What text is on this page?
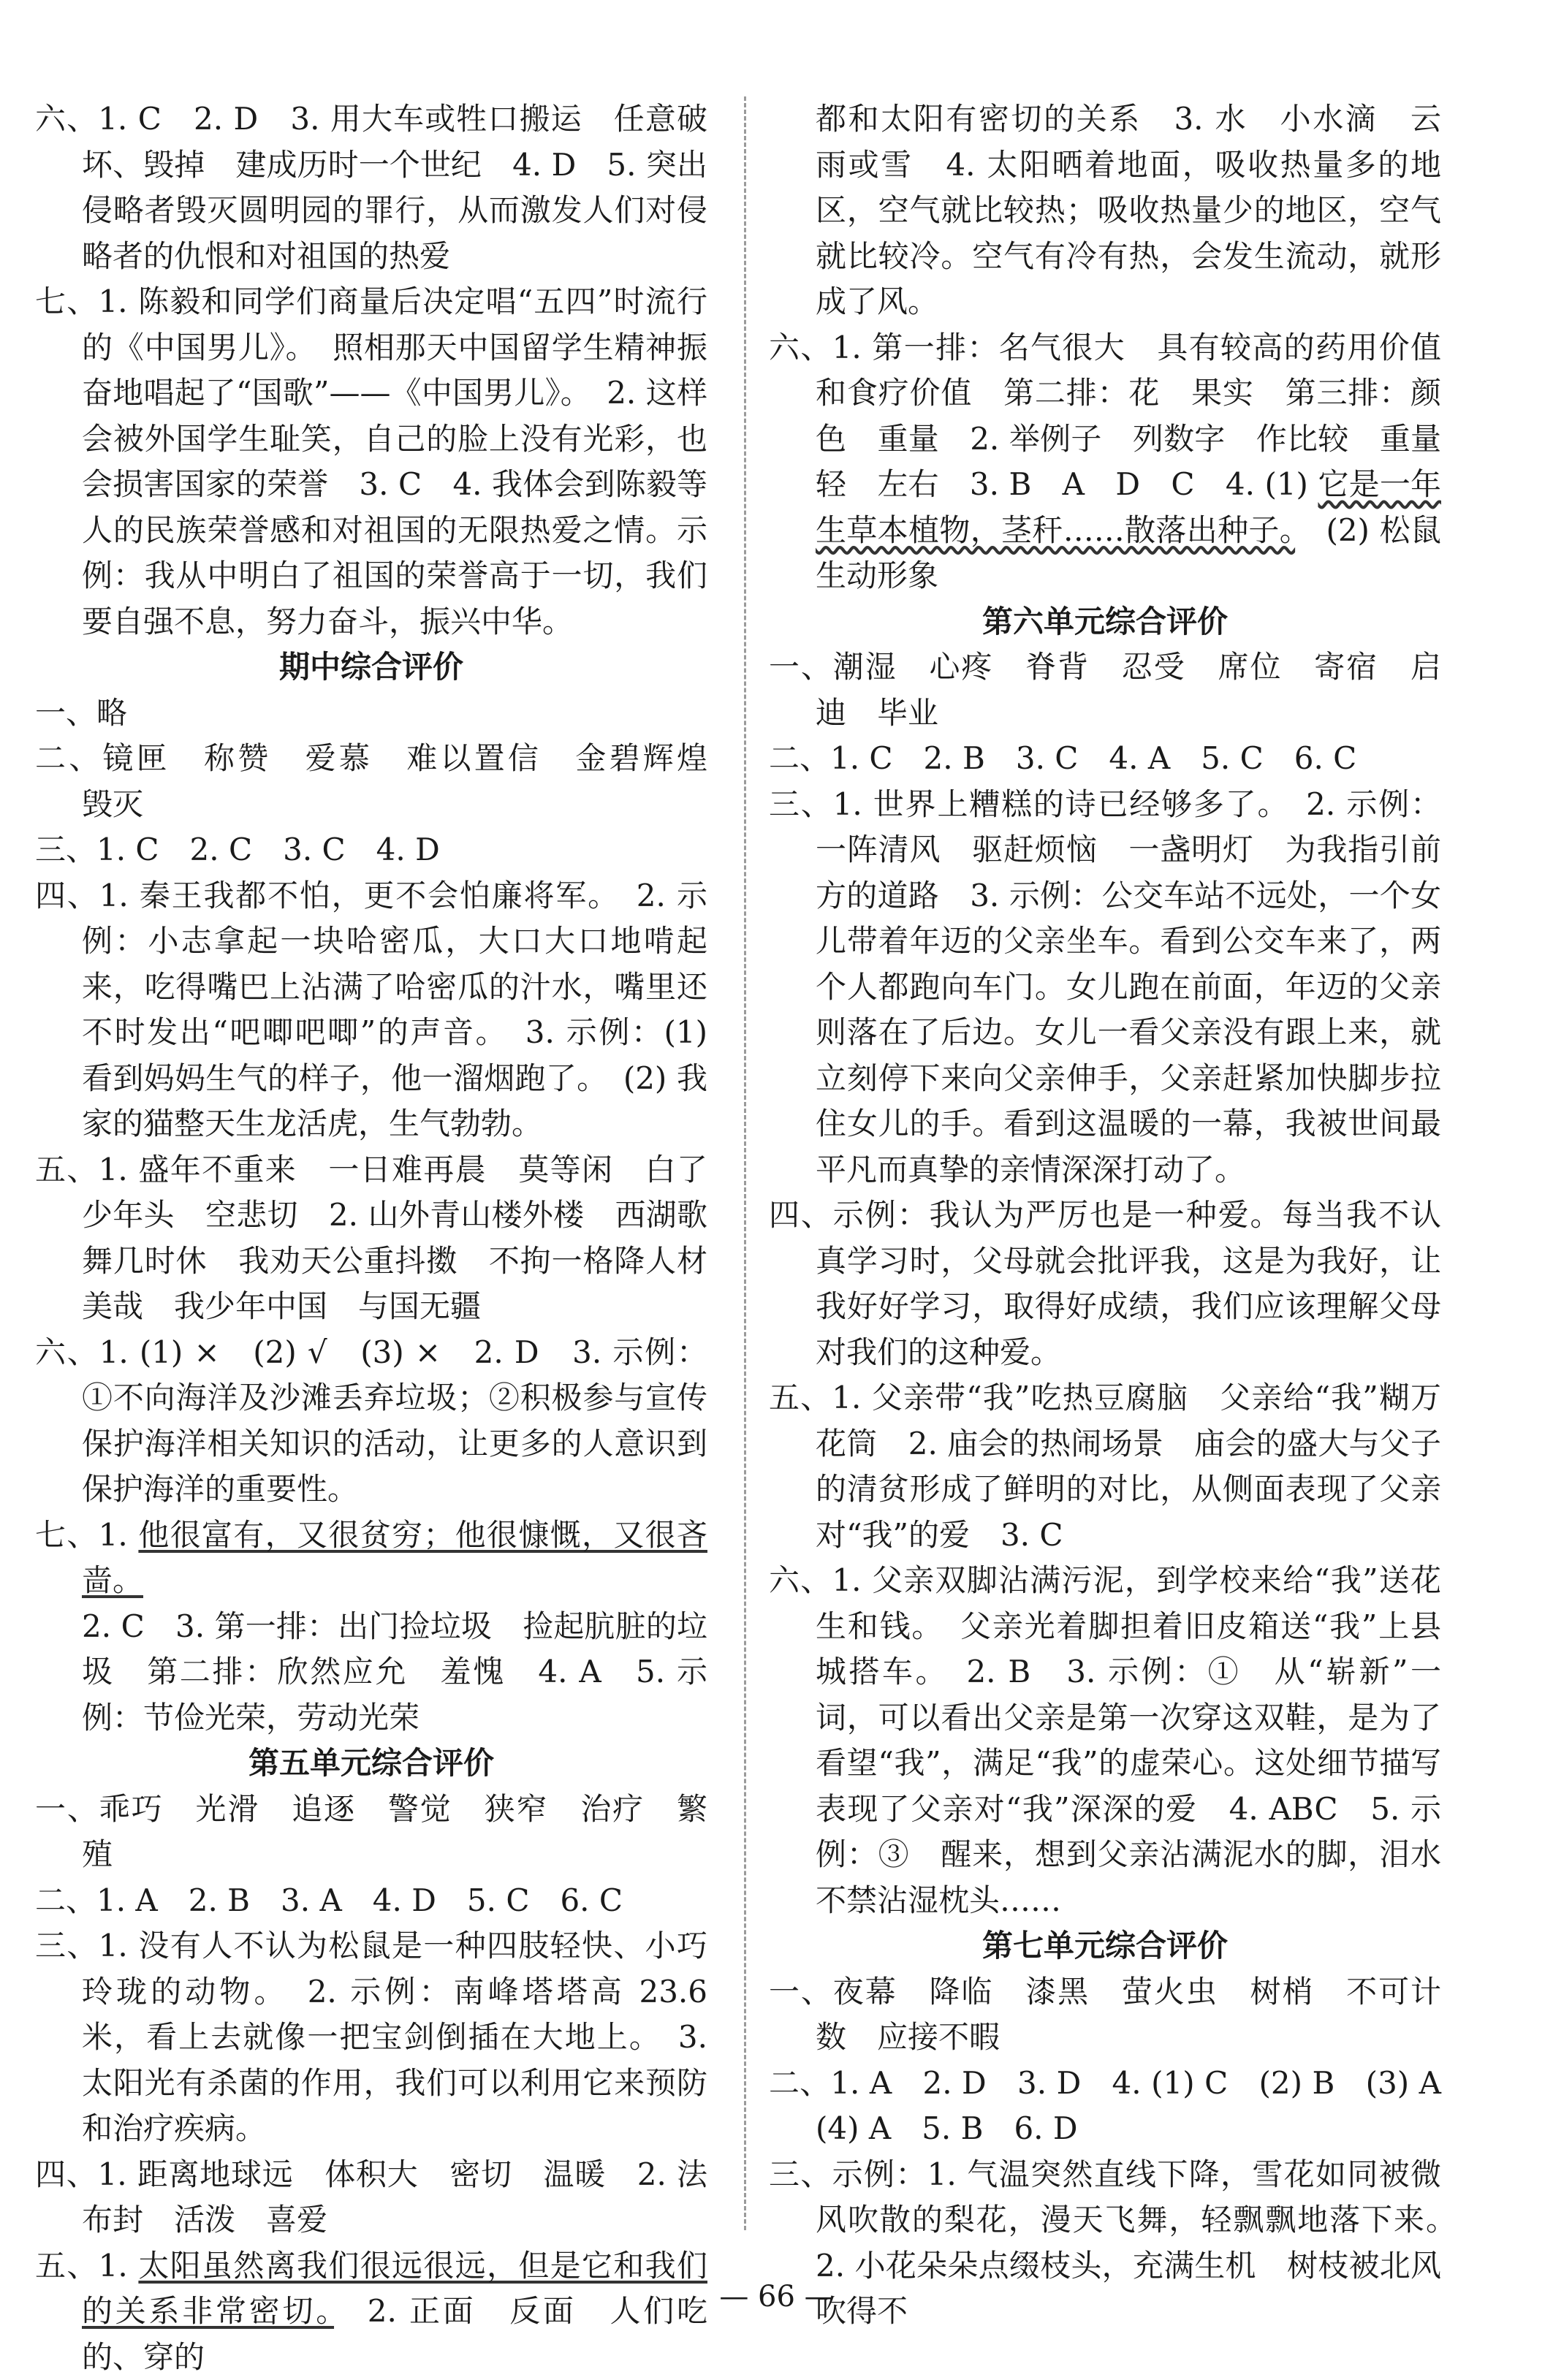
六、1. C　2. D　3. 用大车或牲口搬运　任意破坏、毁掉　建成历时一个世纪　4. D　5. 突出侵略者毁灭圆明园的罪行，从而激发人们对侵略者的仇恨和对祖国的热爱

七、1. 陈毅和同学们商量后决定唱“五四”时流行的《中国男儿》。　照相那天中国留学生精神振奋地唱起了“国歌”——《中国男儿》。　2. 这样会被外国学生耻笑，自己的脸上没有光彩，也会损害国家的荣誉　3. C　4. 我体会到陈毅等人的民族荣誉感和对祖国的无限热爱之情。示例：我从中明白了祖国的荣誉高于一切，我们要自强不息，努力奋斗，振兴中华。

期中综合评价

一、略

二、镜匣　称赞　爱慕　难以置信　金碧辉煌　毁灭

三、1. C　2. C　3. C　4. D

四、1. 秦王我都不怕，更不会怕廉将军。　2. 示例：小志拿起一块哈密瓜，大口大口地啃起来，吃得嘴巴上沾满了哈密瓜的汁水，嘴里还不时发出“吧唧吧唧”的声音。　3. 示例：(1) 看到妈妈生气的样子，他一溜烟跑了。　(2) 我家的猫整天生龙活虎，生气勃勃。

五、1. 盛年不重来　一日难再晨　莫等闲　白了少年头　空悲切　2. 山外青山楼外楼　西湖歌舞几时休　我劝天公重抖擞　不拘一格降人材　美哉　我少年中国　与国无疆

六、1. (1) ×　(2) √　(3) ×　2. D　3. 示例：①不向海洋及沙滩丢弃垃圾；②积极参与宣传保护海洋相关知识的活动，让更多的人意识到保护海洋的重要性。

七、1. 他很富有，又很贫穷；他很慷慨，又很吝啬。

2. C　3. 第一排：出门捡垃圾　捡起肮脏的垃圾　第二排：欣然应允　羞愧　4. A　5. 示例：节俭光荣，劳动光荣

第五单元综合评价

一、乖巧　光滑　追逐　警觉　狭窄　治疗　繁殖

二、1. A　2. B　3. A　4. D　5. C　6. C

三、1. 没有人不认为松鼠是一种四肢轻快、小巧玲珑的动物。　2. 示例：南峰塔塔高 23.6 米，看上去就像一把宝剑倒插在大地上。　3. 太阳光有杀菌的作用，我们可以利用它来预防和治疗疾病。

四、1. 距离地球远　体积大　密切　温暖　2. 法布封　活泼　喜爱

五、1. 太阳虽然离我们很远很远，但是它和我们的关系非常密切。　2. 正面　反面　人们吃的、穿的

都和太阳有密切的关系　3. 水　小水滴　云　雨或雪　4. 太阳晒着地面，吸收热量多的地区，空气就比较热；吸收热量少的地区，空气就比较冷。空气有冷有热，会发生流动，就形成了风。

六、1. 第一排：名气很大　具有较高的药用价值和食疗价值　第二排：花　果实　第三排：颜色　重量　2. 举例子　列数字　作比较　重量轻　左右　3. B　A　D　C　4. (1) 它是一年生草本植物，茎秆……散落出种子。　(2) 松鼠　生动形象

第六单元综合评价

一、潮湿　心疼　脊背　忍受　席位　寄宿　启迪　毕业

二、1. C　2. B　3. C　4. A　5. C　6. C

三、1. 世界上糟糕的诗已经够多了。　2. 示例：一阵清风　驱赶烦恼　一盏明灯　为我指引前方的道路　3. 示例：公交车站不远处，一个女儿带着年迈的父亲坐车。看到公交车来了，两个人都跑向车门。女儿跑在前面，年迈的父亲则落在了后边。女儿一看父亲没有跟上来，就立刻停下来向父亲伸手，父亲赶紧加快脚步拉住女儿的手。看到这温暖的一幕，我被世间最平凡而真挚的亲情深深打动了。

四、示例：我认为严厉也是一种爱。每当我不认真学习时，父母就会批评我，这是为我好，让我好好学习，取得好成绩，我们应该理解父母对我们的这种爱。

五、1. 父亲带“我”吃热豆腐脑　父亲给“我”糊万花筒　2. 庙会的热闹场景　庙会的盛大与父子的清贫形成了鲜明的对比，从侧面表现了父亲对“我”的爱　3. C

六、1. 父亲双脚沾满污泥，到学校来给“我”送花生和钱。　父亲光着脚担着旧皮箱送“我”上县城搭车。　2. B　3. 示例：①　从“崭新”一词，可以看出父亲是第一次穿这双鞋，是为了看望“我”，满足“我”的虚荣心。这处细节描写表现了父亲对“我”深深的爱　4. ABC　5. 示例：③　醒来，想到父亲沾满泥水的脚，泪水不禁沾湿枕头……

第七单元综合评价

一、夜幕　降临　漆黑　萤火虫　树梢　不可计数　应接不暇

二、1. A　2. D　3. D　4. (1) C　(2) B　(3) A　(4) A　5. B　6. D

三、示例：1. 气温突然直线下降，雪花如同被微风吹散的梨花，漫天飞舞，轻飘飘地落下来。　2. 小花朵朵点缀枝头，充满生机　树枝被北风吹得不

— 66 —
